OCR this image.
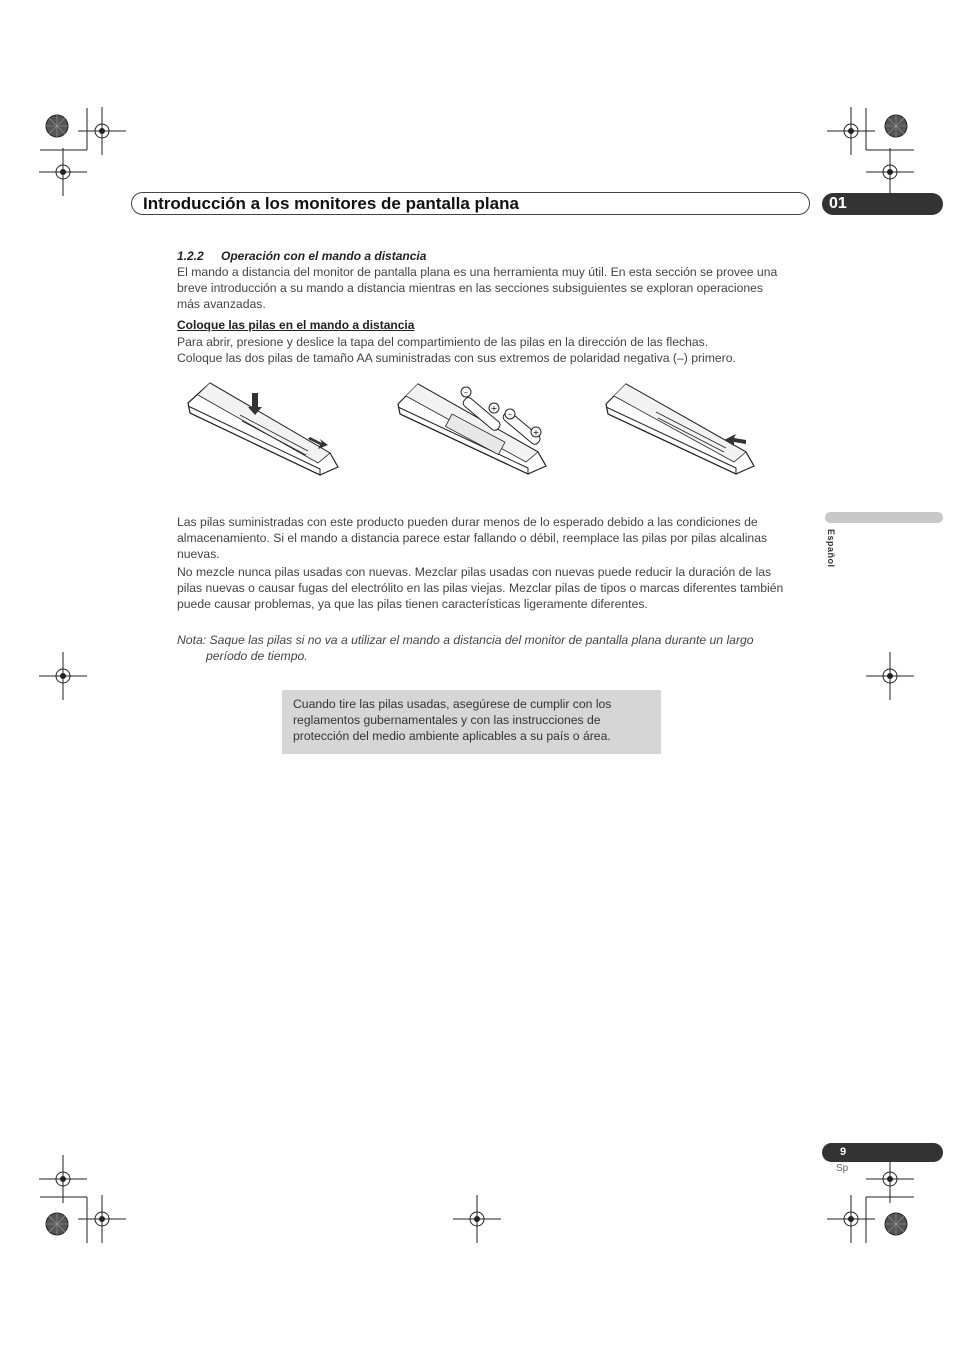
Introducción a los monitores de pantalla plana	01
1.2.2 Operación con el mando a distancia
El mando a distancia del monitor de pantalla plana es una herramienta muy útil. En esta sección se provee una
breve introducción a su mando a distancia mientras en las secciones subsiguientes se exploran operaciones
más avanzadas.
Coloque las pilas en el mando a distancia
Para abrir, presione y deslice la tapa del compartimiento de las pilas en la dirección de las flechas.
Coloque las dos pilas de tamaño AA suministradas con sus extremos de polaridad negativa (–) primero.
–
+
–
+
Las pilas suministradas con este producto pueden durar menos de lo esperado debido a las condiciones de
almacenamiento. Si el mando a distancia parece estar fallando o débil, reemplace las pilas por pilas alcalinas
nuevas.
No mezcle nunca pilas usadas con nuevas. Mezclar pilas usadas con nuevas puede reducir la duración de las
pilas nuevas o causar fugas del electrólito en las pilas viejas. Mezclar pilas de tipos o marcas diferentes también
puede causar problemas, ya que las pilas tienen características ligeramente diferentes.
Nota: Saque las pilas si no va a utilizar el mando a distancia del monitor de pantalla plana durante un largo
período de tiempo.
Cuando tire las pilas usadas, asegúrese de cumplir con los
reglamentos gubernamentales y con las instrucciones de
protección del medio ambiente aplicables a su país o área.
Español
9
Sp
